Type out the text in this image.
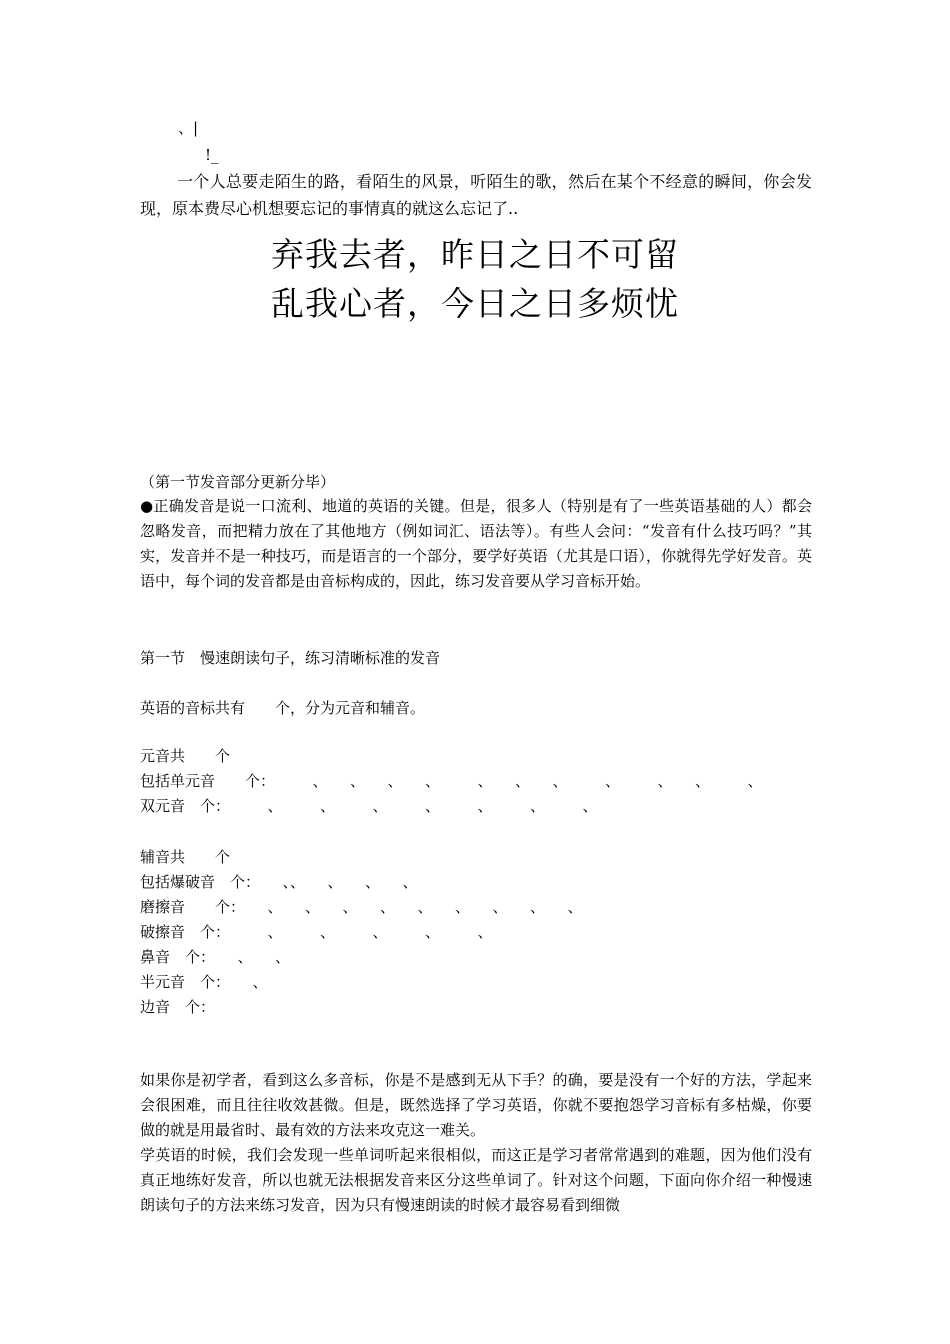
、|
!_
一个人总要走陌生的路，看陌生的风景，听陌生的歌，然后在某个不经意的瞬间，你会发现，原本费尽心机想要忘记的事情真的就这么忘记了..
弃我去者，昨日之日不可留
乱我心者，今日之日多烦忧
（第一节发音部分更新分毕）
●正确发音是说一口流利、地道的英语的关键。但是，很多人（特别是有了一些英语基础的人）都会忽略发音，而把精力放在了其他地方（例如词汇、语法等）。有些人会问：“发音有什么技巧吗？”其实，发音并不是一种技巧，而是语言的一个部分，要学好英语（尤其是口语），你就得先学好发音。英语中，每个词的发音都是由音标构成的，因此，练习发音要从学习音标开始。
第一节　慢速朗读句子，练习清晰标准的发音
英语的音标共有　　个，分为元音和辅音。
元音共　　个
包括单元音　　个：　　　、　　、　　、　　、　　　、　　、　　、　　　、　　　、　　、　　　、
双元音　个：　　　、　　　、　　　、　　　、　　　、　　　、　　　、
辅音共　　个
包括爆破音　个：　　、、　　、　　、　　、
磨擦音　　个：　　、　　、　　、　　、　　、　　、　　、　　、　　、
破擦音　个：　　　、　　　、　　　、　　　、　　　、
鼻音　个：　　、　　、
半元音　个：　　、
边音　个：
如果你是初学者，看到这么多音标，你是不是感到无从下手？的确，要是没有一个好的方法，学起来会很困难，而且往往收效甚微。但是，既然选择了学习英语，你就不要抱怨学习音标有多枯燥，你要做的就是用最省时、最有效的方法来攻克这一难关。
学英语的时候，我们会发现一些单词听起来很相似，而这正是学习者常常遇到的难题，因为他们没有真正地练好发音，所以也就无法根据发音来区分这些单词了。针对这个问题，下面向你介绍一种慢速朗读句子的方法来练习发音，因为只有慢速朗读的时候才最容易看到细微
